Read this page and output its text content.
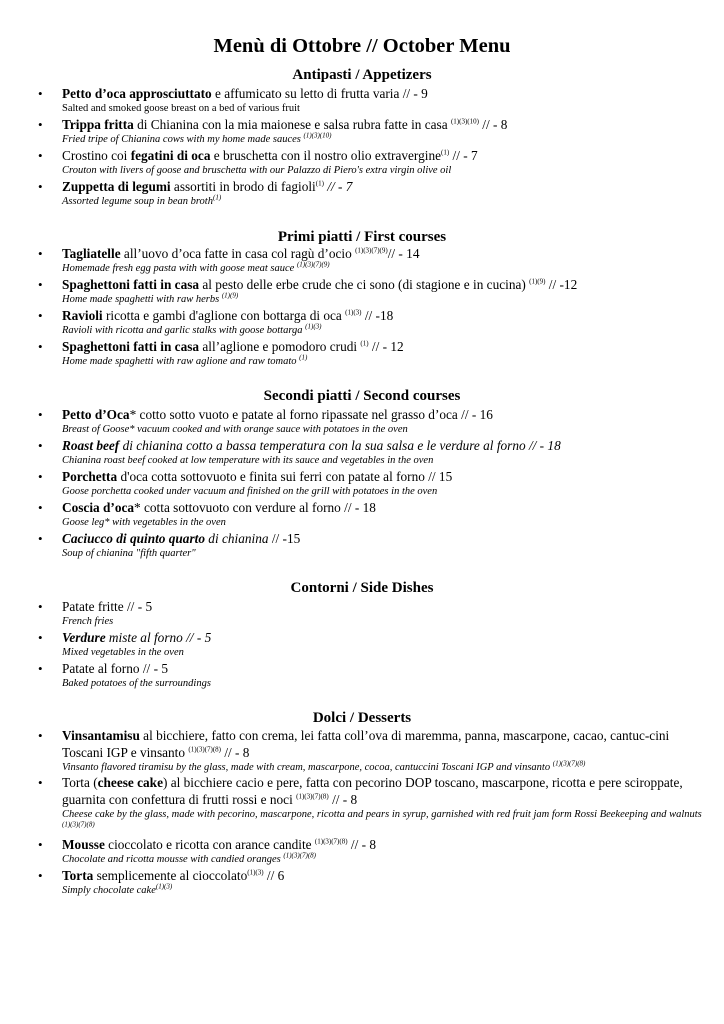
Menù di Ottobre // October Menu
Antipasti / Appetizers
• Petto d’oca approsciuttato e affumicato su letto di frutta varia // - 9
Salted and smoked goose breast on a bed of various fruit
• Trippa fritta di Chianina con la mia maionese e salsa rubra fatte in casa $^{(1)(3)(10)}$ // - 8
Fried tripe of Chianina cows with my home made sauces $^{(1)(3)(10)}$
• Crostino coi fegatini di oca e bruschetta con il nostro olio extravergine$^{(1)}$ // - 7
Crouton with livers of goose and bruschetta with our Palazzo di Piero's extra virgin olive oil
• Zuppetta di legumi assortiti in brodo di fagioli$^{(1)}$ // - 7
Assorted legume soup in bean broth$^{(1)}$
Primi piatti / First courses
• Tagliatelle all’uovo d’oca fatte in casa col ragù d’ocio $^{(1)(3)(7)(9)}$// - 14
Homemade fresh egg pasta with with goose meat sauce $^{(1)(3)(7)(9)}$
• Spaghettoni fatti in casa al pesto delle erbe crude che ci sono (di stagione e in cucina) $^{(1)(9)}$ // -12
Home made spaghetti with raw herbs $^{(1)(9)}$
• Ravioli ricotta e gambi d'aglione con bottarga di oca $^{(1)(3)}$ // -18
Ravioli with ricotta and garlic stalks with goose bottarga $^{(1)(3)}$
• Spaghettoni fatti in casa all’aglione e pomodoro crudi $^{(1)}$ // - 12
Home made spaghetti with raw aglione and raw tomato $^{(1)}$
Secondi piatti / Second courses
• Petto d’Oca* cotto sotto vuoto e patate al forno ripassate nel grasso d’oca // - 16
Breast of Goose* vacuum cooked and with orange sauce with potatoes in the oven
• Roast beef di chianina cotto a bassa temperatura con la sua salsa e le verdure al forno // - 18
Chianina roast beef cooked at low temperature with its sauce and vegetables in the oven
• Porchetta d'oca cotta sottovuoto e finita sui ferri con patate al forno // 15
Goose porchetta cooked under vacuum and finished on the grill with potatoes in the oven
• Coscia d’oca* cotta sottovuoto con verdure al forno // - 18
Goose leg* with vegetables in the oven
• Caciucco di quinto quarto di chianina // -15
Soup of chianina "fifth quarter"
Contorni / Side Dishes
• Patate fritte // - 5
French fries
• Verdure miste al forno // - 5
Mixed vegetables in the oven
• Patate al forno // - 5
Baked potatoes of the surroundings
Dolci / Desserts
• Vinsantamisu al bicchiere, fatto con crema, lei fatta coll’ova di maremma, panna, mascarpone, cacao, cantuc-cini Toscani IGP e vinsanto $^{(1)(3)(7)(8)}$ // - 8
Vinsanto flavored tiramisu by the glass, made with cream, mascarpone, cocoa, cantuccini Toscani IGP and vinsanto $^{(1)(3)(7)(8)}$
• Torta (cheese cake) al bicchiere cacio e pere, fatta con pecorino DOP toscano, mascarpone, ricotta e pere sciroppate, guarnita con confettura di frutti rossi e noci $^{(1)(3)(7)(8)}$ // - 8
Cheese cake by the glass, made with pecorino, mascarpone, ricotta and pears in syrup, garnished with red fruit jam form Rossi Beekeeping and walnuts $^{(1)(3)(7)(8)}$
• Mousse cioccolato e ricotta con arance candite $^{(1)(3)(7)(8)}$ // - 8
Chocolate and ricotta mousse with candied oranges $^{(1)(3)(7)(8)}$
• Torta semplicemente al cioccolato$^{(1)(3)}$ // 6
Simply chocolate cake$^{(1)(3)}$
